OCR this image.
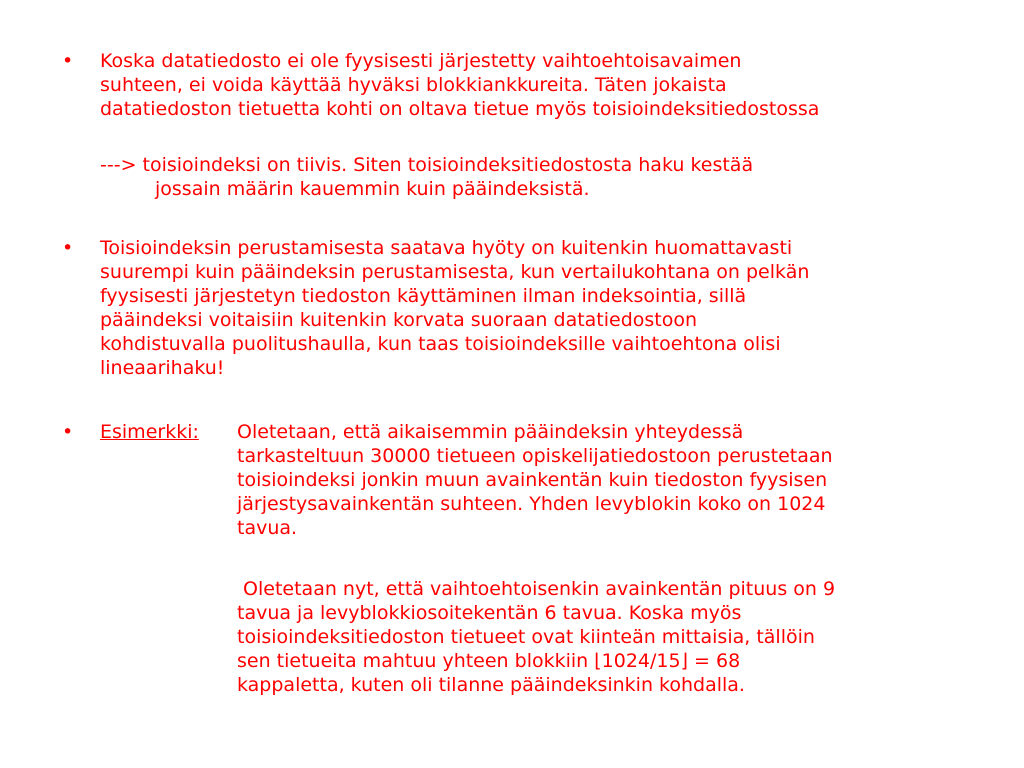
• Koska datatiedosto ei ole fyysisesti järjestetty vaihtoehtoisavaimen
suhteen, ei voida käyttää hyväksi blokkiankkureita. Täten jokaista
datatiedoston tietuetta kohti on oltava tietue myös toisioindeksitiedostossa
---> toisioindeksi on tiivis. Siten toisioindeksitiedostosta haku kestää
jossain määrin kauemmin kuin pääindeksistä.
• Toisioindeksin perustamisesta saatava hyöty on kuitenkin huomattavasti
suurempi kuin pääindeksin perustamisesta, kun vertailukohtana on pelkän
fyysisesti järjestetyn tiedoston käyttäminen ilman indeksointia, sillä
pääindeksi voitaisiin kuitenkin korvata suoraan datatiedostoon
kohdistuvalla puolitushaulla, kun taas toisioindeksille vaihtoehtona olisi
lineaarihaku!
• Esimerkki: Oletetaan, että aikaisemmin pääindeksin yhteydessä
tarkasteltuun 30000 tietueen opiskelijatiedostoon perustetaan
toisioindeksi jonkin muun avainkentän kuin tiedoston fyysisen
järjestysavainkentän suhteen. Yhden levyblokin koko on 1024
tavua.
Oletetaan nyt, että vaihtoehtoisenkin avainkentän pituus on 9
tavua ja levyblokkiosoitekentän 6 tavua. Koska myös
toisioindeksitiedoston tietueet ovat kiinteän mittaisia, tällöin
sen tietueita mahtuu yhteen blokkiin ⌊1024/15⌋ = 68
kappaletta, kuten oli tilanne pääindeksinkin kohdalla.
